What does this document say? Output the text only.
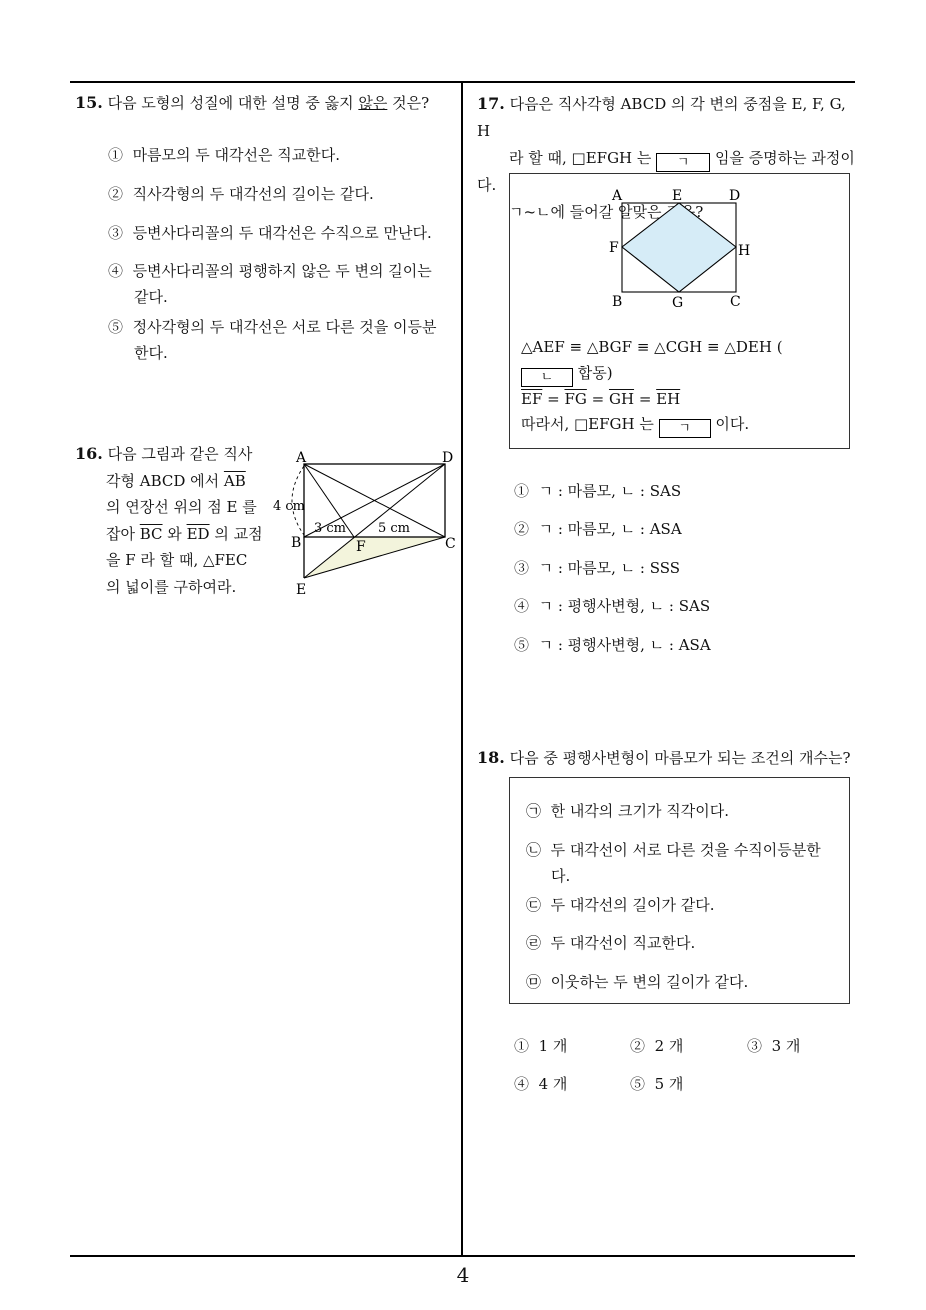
15. 다음 도형의 성질에 대한 설명 중 옳지 않은 것은?
① 마름모의 두 대각선은 직교한다.
② 직사각형의 두 대각선의 길이는 같다.
③ 등변사다리꼴의 두 대각선은 수직으로 만난다.
④ 등변사다리꼴의 평행하지 않은 두 변의 길이는
같다.
⑤ 정사각형의 두 대각선은 서로 다른 것을 이등분
한다.
16. 다음 그림과 같은 직사
각형 ABCD 에서 $\overline{AB}$
의 연장선 위의 점 E 를
잡아 $\overline{BC}$ 와 $\overline{ED}$ 의 교점
을 F 라 할 때, △FEC
의 넓이를 구하여라.
A	D
B	C
E
F
4 cm
3 cm 5 cm
17. 다음은 직사각형 ABCD 의 각 변의 중점을 E, F, G, H
라 할 때, □EFGH 는 ㄱ 임을 증명하는 과정이다.
ㄱ~ㄴ에 들어갈 알맞은 것은?
A	E	D
F	H
B	G	C
△AEF ≡ △BGF ≡ △CGH ≡ △DEH (
ㄴ 합동)
$\overline{EF} = \overline{FG} = \overline{GH} = \overline{EH}$
따라서, □EFGH 는 ㄱ 이다.
① ㄱ : 마름모, ㄴ : SAS
② ㄱ : 마름모, ㄴ : ASA
③ ㄱ : 마름모, ㄴ : SSS
④ ㄱ : 평행사변형, ㄴ : SAS
⑤ ㄱ : 평행사변형, ㄴ : ASA
18. 다음 중 평행사변형이 마름모가 되는 조건의 개수는?
㉠ 한 내각의 크기가 직각이다.
㉡ 두 대각선이 서로 다른 것을 수직이등분한
다.
㉢ 두 대각선의 길이가 같다.
㉣ 두 대각선이 직교한다.
㉤ 이웃하는 두 변의 길이가 같다.
① 1 개	② 2 개	③ 3 개
④ 4 개	⑤ 5 개
4
